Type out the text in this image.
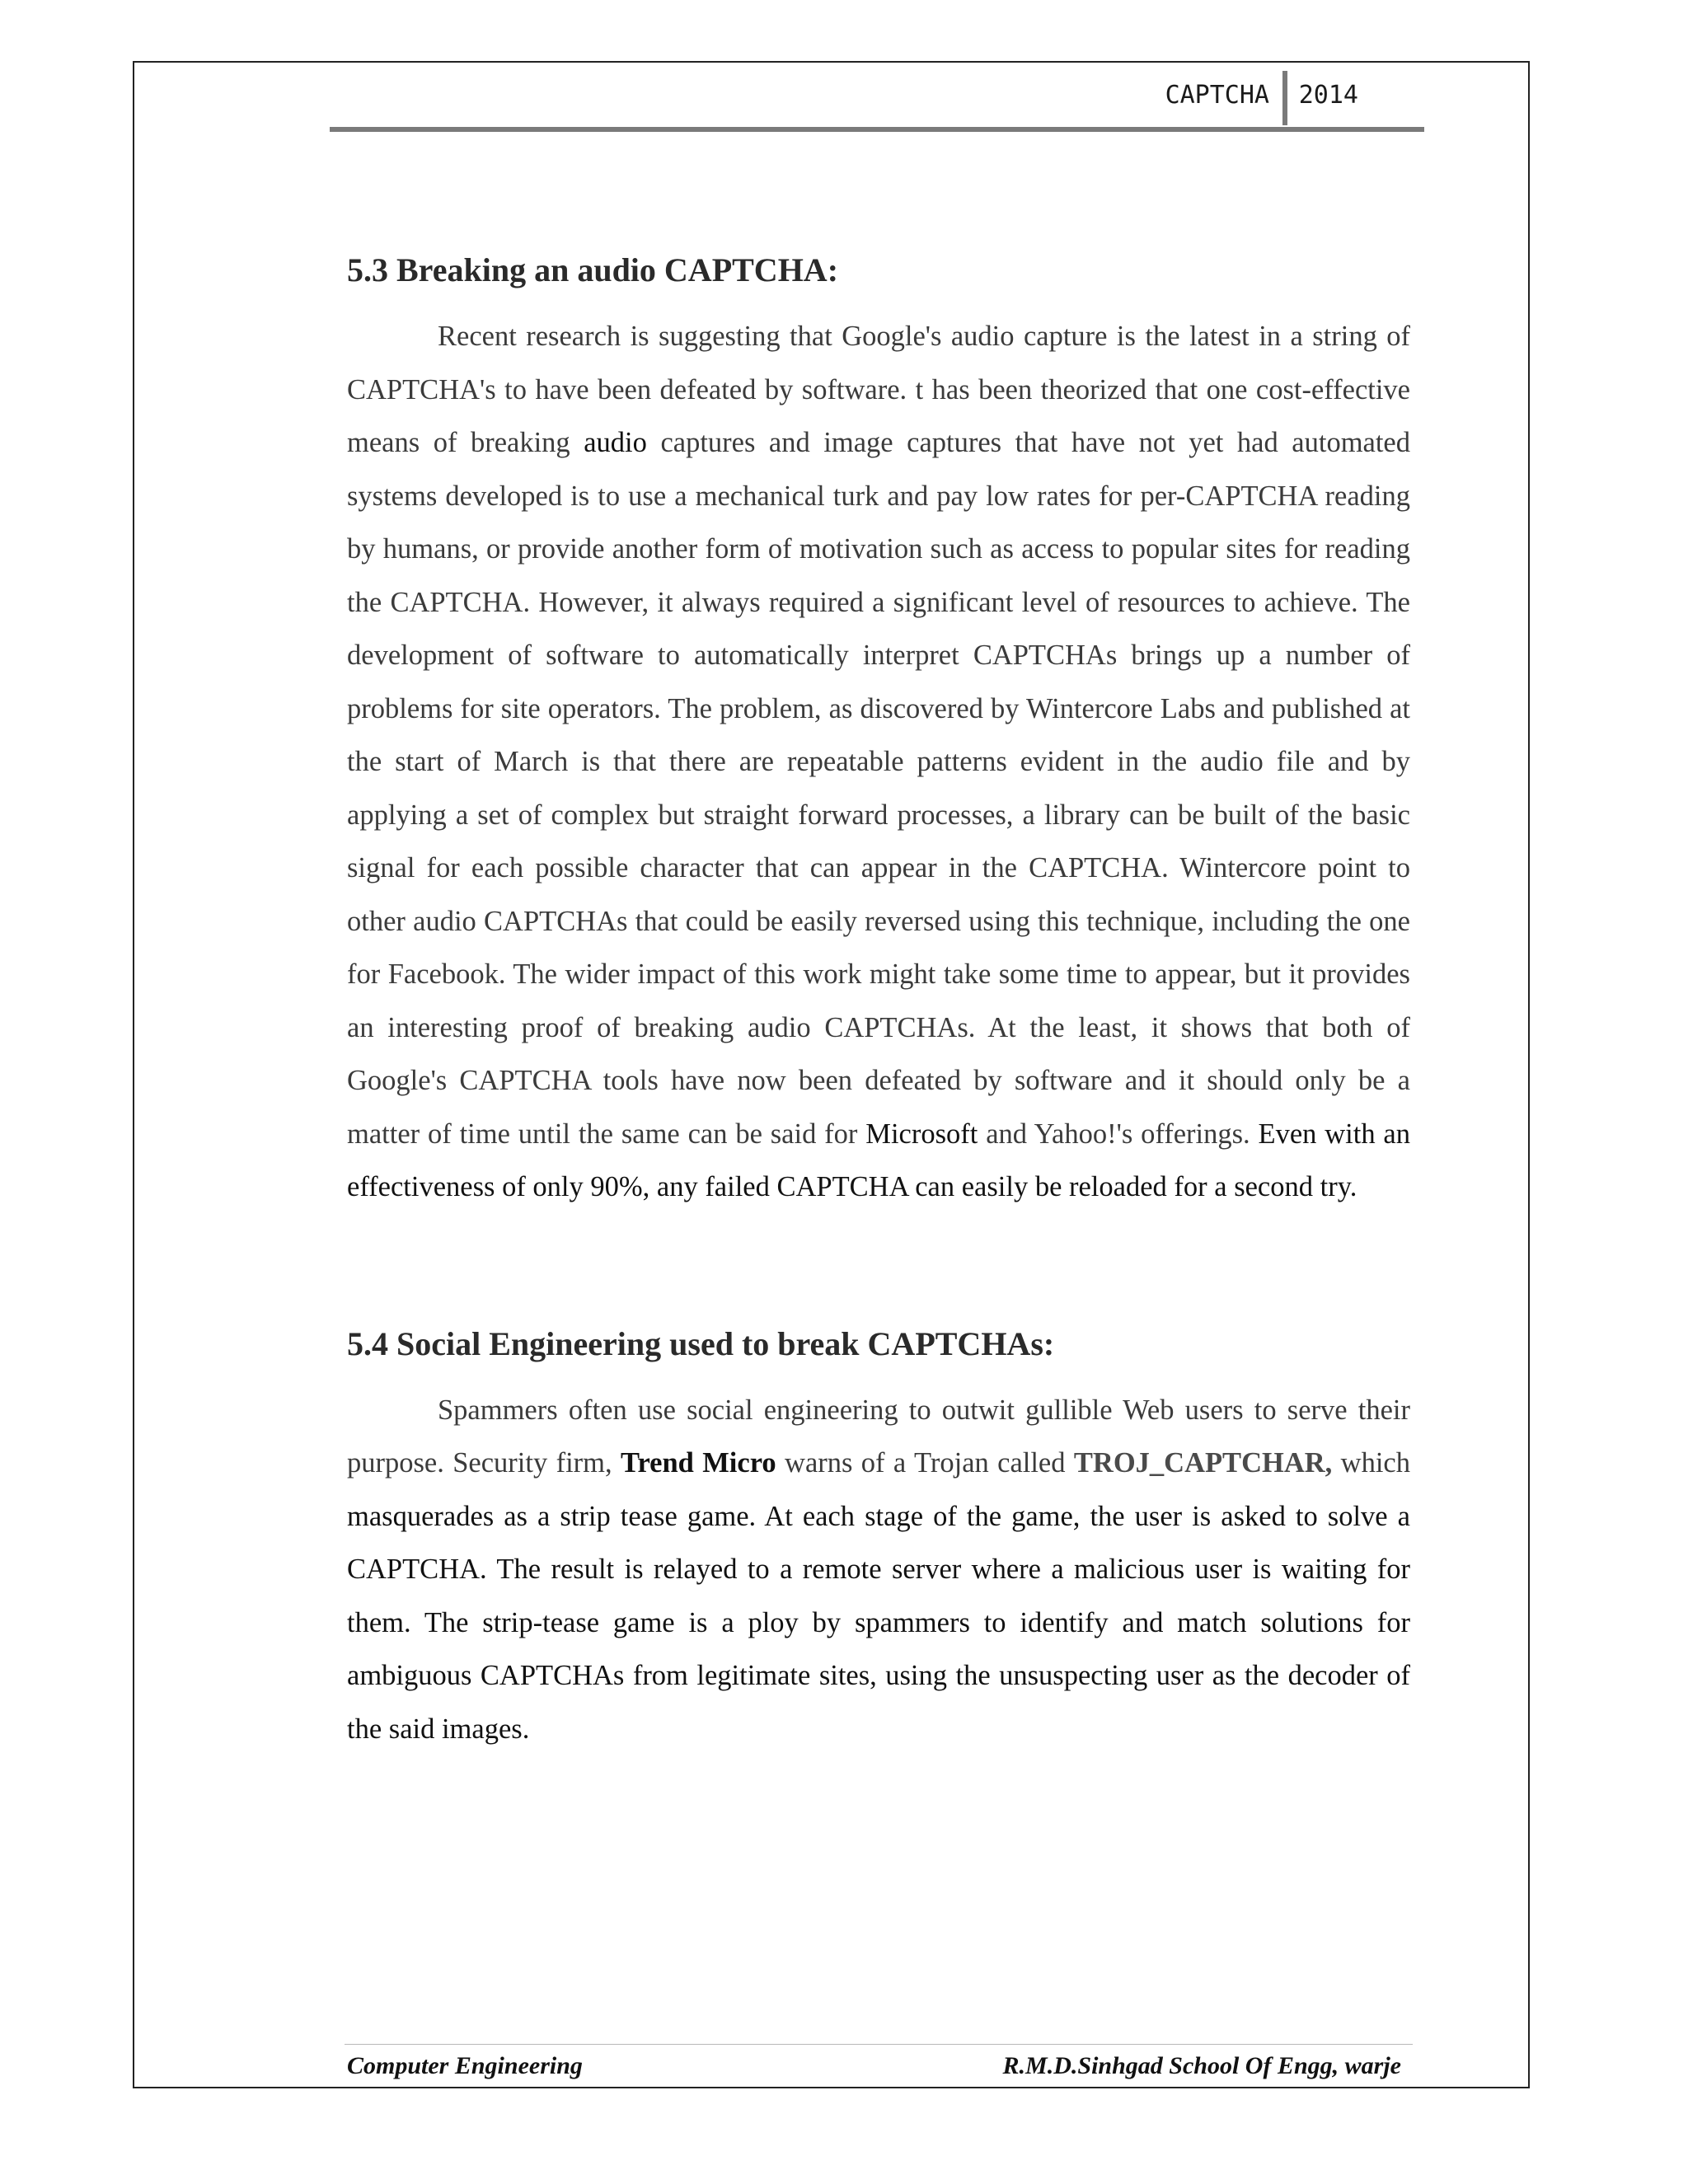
CAPTCHA 2014
5.3 Breaking an audio CAPTCHA:

Recent research is suggesting that Google's audio capture is the latest in a string of CAPTCHA's to have been defeated by software. t has been theorized that one cost-effective means of breaking audio captures and image captures that have not yet had automated systems developed is to use a mechanical turk and pay low rates for per-CAPTCHA reading by humans, or provide another form of motivation such as access to popular sites for reading the CAPTCHA. However, it always required a significant level of resources to achieve. The development of software to automatically interpret CAPTCHAs brings up a number of problems for site operators. The problem, as discovered by Wintercore Labs and published at the start of March is that there are repeatable patterns evident in the audio file and by applying a set of complex but straight forward processes, a library can be built of the basic signal for each possible character that can appear in the CAPTCHA. Wintercore point to other audio CAPTCHAs that could be easily reversed using this technique, including the one for Facebook. The wider impact of this work might take some time to appear, but it provides an interesting proof of breaking audio CAPTCHAs. At the least, it shows that both of Google's CAPTCHA tools have now been defeated by software and it should only be a matter of time until the same can be said for Microsoft and Yahoo!'s offerings. Even with an effectiveness of only 90%, any failed CAPTCHA can easily be reloaded for a second try.

5.4 Social Engineering used to break CAPTCHAs:

Spammers often use social engineering to outwit gullible Web users to serve their purpose. Security firm, Trend Micro warns of a Trojan called TROJ_CAPTCHAR, which masquerades as a strip tease game. At each stage of the game, the user is asked to solve a CAPTCHA. The result is relayed to a remote server where a malicious user is waiting for them. The strip-tease game is a ploy by spammers to identify and match solutions for ambiguous CAPTCHAs from legitimate sites, using the unsuspecting user as the decoder of the said images.

Computer Engineering	R.M.D.Sinhgad School Of Engg, warje
